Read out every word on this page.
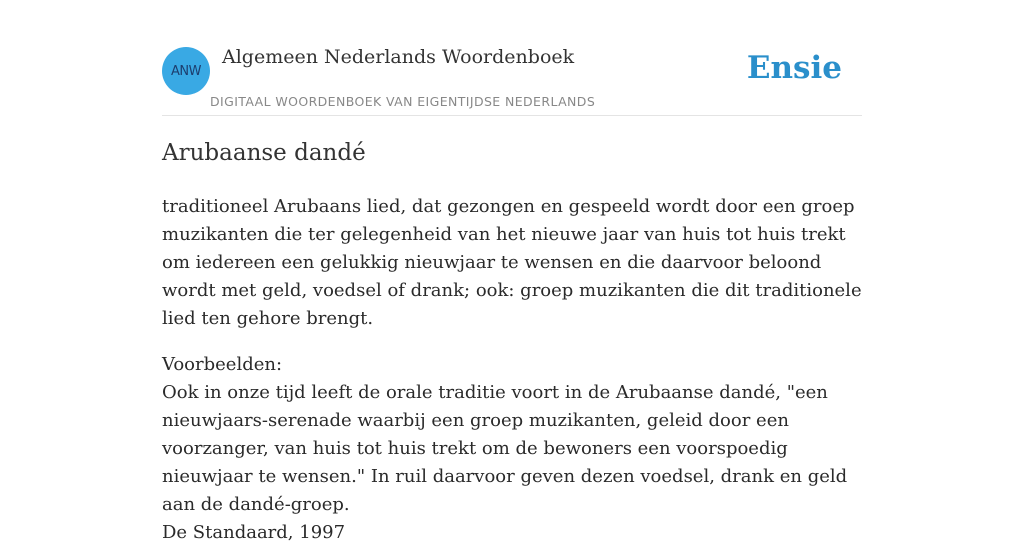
ANW
Algemeen Nederlands Woordenboek
DIGITAAL WOORDENBOEK VAN EIGENTIJDSE NEDERLANDS
Ensie
Arubaanse dandé

traditioneel Arubaans lied, dat gezongen en gespeeld wordt door een groep muzikanten die ter gelegenheid van het nieuwe jaar van huis tot huis trekt om iedereen een gelukkig nieuwjaar te wensen en die daarvoor beloond wordt met geld, voedsel of drank; ook: groep muzikanten die dit traditionele lied ten gehore brengt.

Voorbeelden:

Ook in onze tijd leeft de orale traditie voort in de Arubaanse dandé, "een nieuwjaars-serenade waarbij een groep muzikanten, geleid door een voorzanger, van huis tot huis trekt om de bewoners een voorspoedig nieuwjaar te wensen." In ruil daarvoor geven dezen voedsel, drank en geld aan de dandé-groep.

De Standaard, 1997
